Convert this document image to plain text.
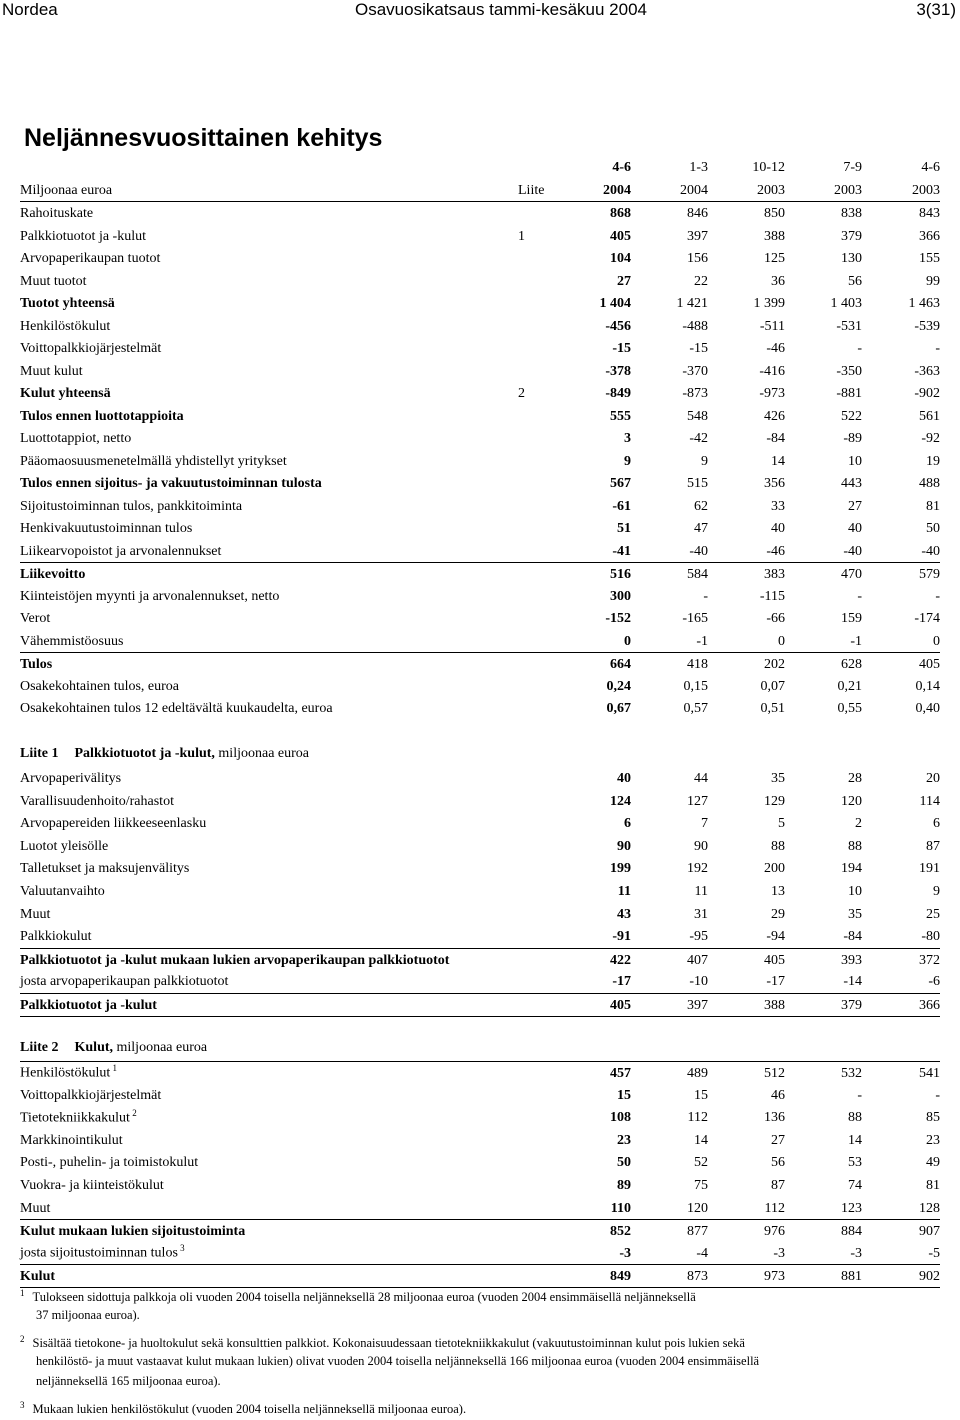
Nordea	Osavuosikatsaus tammi-kesäkuu 2004	3(31)
Neljännesvuosittainen kehitys
4-6	1-3	10-12	7-9	4-6
Miljoonaa euroa	Liite	2004	2004	2003	2003	2003
Rahoituskate	868	846	850	838	843
Palkkiotuotot ja -kulut	1	405	397	388	379	366
Arvopaperikaupan tuotot	104	156	125	130	155
Muut tuotot	27	22	36	56	99
Tuotot yhteensä	1 404	1 421	1 399	1 403	1 463
Henkilöstökulut	-456	-488	-511	-531	-539
Voittopalkkiojärjestelmät	-15	-15	-46	-	-
Muut kulut	-378	-370	-416	-350	-363
Kulut yhteensä	2	-849	-873	-973	-881	-902
Tulos ennen luottotappioita	555	548	426	522	561
Luottotappiot, netto	3	-42	-84	-89	-92
Pääomaosuusmenetelmällä yhdistellyt yritykset	9	9	14	10	19
Tulos ennen sijoitus- ja vakuutustoiminnan tulosta	567	515	356	443	488
Sijoitustoiminnan tulos, pankkitoiminta	-61	62	33	27	81
Henkivakuutustoiminnan tulos	51	47	40	40	50
Liikearvopoistot ja arvonalennukset	-41	-40	-46	-40	-40
Liikevoitto	516	584	383	470	579
Kiinteistöjen myynti ja arvonalennukset, netto	300	-	-115	-	-
Verot	-152	-165	-66	159	-174
Vähemmistöosuus	0	-1	0	-1	0
Tulos	664	418	202	628	405
Osakekohtainen tulos, euroa	0,24	0,15	0,07	0,21	0,14
Osakekohtainen tulos 12 edeltävältä kuukaudelta, euroa	0,67	0,57	0,51	0,55	0,40
Liite 1 Palkkiotuotot ja -kulut, miljoonaa euroa
Arvopaperivälitys	40	44	35	28	20
Varallisuudenhoito/rahastot	124	127	129	120	114
Arvopapereiden liikkeeseenlasku	6	7	5	2	6
Luotot yleisölle	90	90	88	88	87
Talletukset ja maksujenvälitys	199	192	200	194	191
Valuutanvaihto	11	11	13	10	9
Muut	43	31	29	35	25
Palkkiokulut	-91	-95	-94	-84	-80
Palkkiotuotot ja -kulut mukaan lukien arvopaperikaupan palkkiotuotot	422	407	405	393	372
josta arvopaperikaupan palkkiotuotot	-17	-10	-17	-14	-6
Palkkiotuotot ja -kulut	405	397	388	379	366
Liite 2 Kulut, miljoonaa euroa
Henkilöstökulut $^1$	457	489	512	532	541
Voittopalkkiojärjestelmät	15	15	46	-	-
Tietotekniikkakulut $^2$	108	112	136	88	85
Markkinointikulut	23	14	27	14	23
Posti-, puhelin- ja toimistokulut	50	52	56	53	49
Vuokra- ja kiinteistökulut	89	75	87	74	81
Muut	110	120	112	123	128
Kulut mukaan lukien sijoitustoiminta	852	877	976	884	907
josta sijoitustoiminnan tulos $^3$	-3	-4	-3	-3	-5
Kulut	849	873	973	881	902
$^1$ Tulokseen sidottuja palkkoja oli vuoden 2004 toisella neljänneksellä 28 miljoonaa euroa (vuoden 2004 ensimmäisellä neljänneksellä
37 miljoonaa euroa).
$^2$ Sisältää tietokone- ja huoltokulut sekä konsulttien palkkiot. Kokonaisuudessaan tietotekniikkakulut (vakuutustoiminnan kulut pois lukien sekä
henkilöstö- ja muut vastaavat kulut mukaan lukien) olivat vuoden 2004 toisella neljänneksellä 166 miljoonaa euroa (vuoden 2004 ensimmäisellä
neljänneksellä 165 miljoonaa euroa).
$^3$ Mukaan lukien henkilöstökulut (vuoden 2004 toisella neljänneksellä miljoonaa euroa).
